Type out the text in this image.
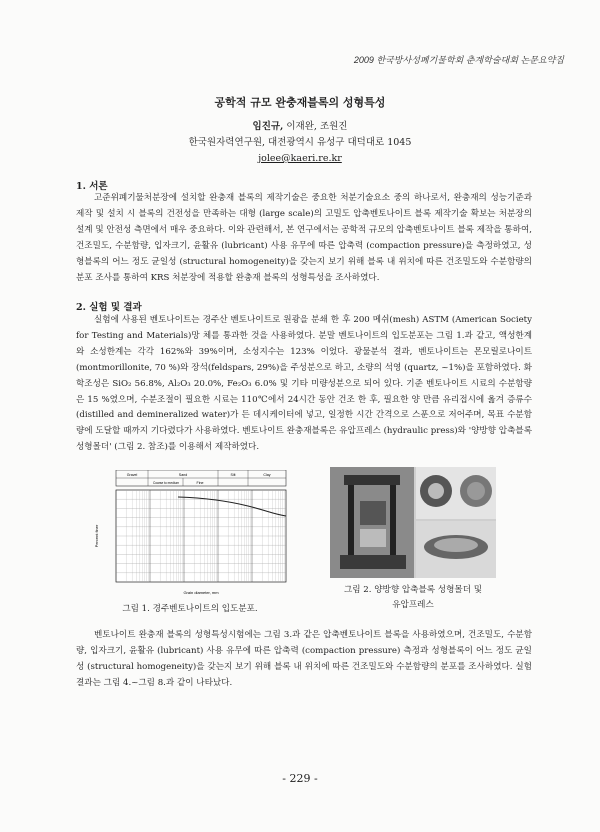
2009 한국방사성폐기물학회 춘계학술대회 논문요약집
공학적 규모 완충재블록의 성형특성
임진규, 이재완, 조원진
한국원자력연구원, 대전광역시 유성구 대덕대로 1045
jolee@kaeri.re.kr
1. 서론

고준위폐기물처분장에 설치할 완충재 블록의 제작기술은 중요한 처분기술요소 중의 하나로서, 완충재의 성능기준과 제작 및 설치 시 블록의 건전성을 만족하는 대형 (large scale)의 고밀도 압축벤토나이트 블록 제작기술 확보는 처분장의 설계 및 안전성 측면에서 매우 중요하다. 이와 관련해서, 본 연구에서는 공학적 규모의 압축벤토나이트 블록 제작을 통하여, 건조밀도, 수분함량, 입자크기, 윤활유 (lubricant) 사용 유무에 따른 압축력 (compaction pressure)을 측정하였고, 성형블록의 어느 정도 균일성 (structural homogeneity)을 갖는지 보기 위해 블록 내 위치에 따른 건조밀도와 수분함량의 분포 조사를 통하여 KRS 처분장에 적용할 완충재 블록의 성형특성을 조사하였다.

2. 실험 및 결과

실험에 사용된 벤토나이트는 경주산 벤토나이트로 원광을 분쇄 한 후 200 메쉬(mesh) ASTM (American Society for Testing and Materials)망 체를 통과한 것을 사용하였다. 분말 벤토나이트의 입도분포는 그림 1.과 같고, 액성한계와 소성한계는 각각 162%와 39%이며, 소성지수는 123% 이었다. 광물분석 결과, 벤토나이트는 몬모릴로나이트 (montmorillonite, 70 %)와 장석(feldspars, 29%)을 주성분으로 하고, 소량의 석영 (quartz, ~1%)을 포함하였다. 화학조성은 SiO₂ 56.8%, Al₂O₃ 20.0%, Fe₂O₃ 6.0% 및 기타 미량성분으로 되어 있다. 기준 벤토나이트 시료의 수분함량은 15 %였으며, 수분조절이 필요한 시료는 110℃에서 24시간 동안 건조 한 후, 필요한 양 만큼 유리접시에 옮겨 증류수 (distilled and demineralized water)가 든 데시케이터에 넣고, 일정한 시간 간격으로 스푼으로 저어주며, 목표 수분함량에 도달할 때까지 기다렸다가 사용하였다. 벤토나이트 완충재블록은 유압프레스 (hydraulic press)와 '양방향 압축블록 성형몰더' (그림 2. 참조)를 이용해서 제작하였다.

Gravel	Sand
Coarse to medium	Fine
Silt	Clay
Percent finer
Grain diameter, mm
그림 1. 경주벤토나이트의 입도분포.
그림 2. 양방향 압축블록 성형몰더 및
유압프레스

벤토나이트 완충재 블록의 성형특성시험에는 그림 3.과 같은 압축벤토나이트 블록을 사용하였으며, 건조밀도, 수분함량, 입자크기, 윤활유 (lubricant) 사용 유무에 따른 압축력 (compaction pressure) 측정과 성형블록이 어느 정도 균일성 (structural homogeneity)을 갖는지 보기 위해 블록 내 위치에 따른 건조밀도와 수분함량의 분포를 조사하였다. 실험결과는 그림 4.~그림 8.과 같이 나타났다.

- 229 -
